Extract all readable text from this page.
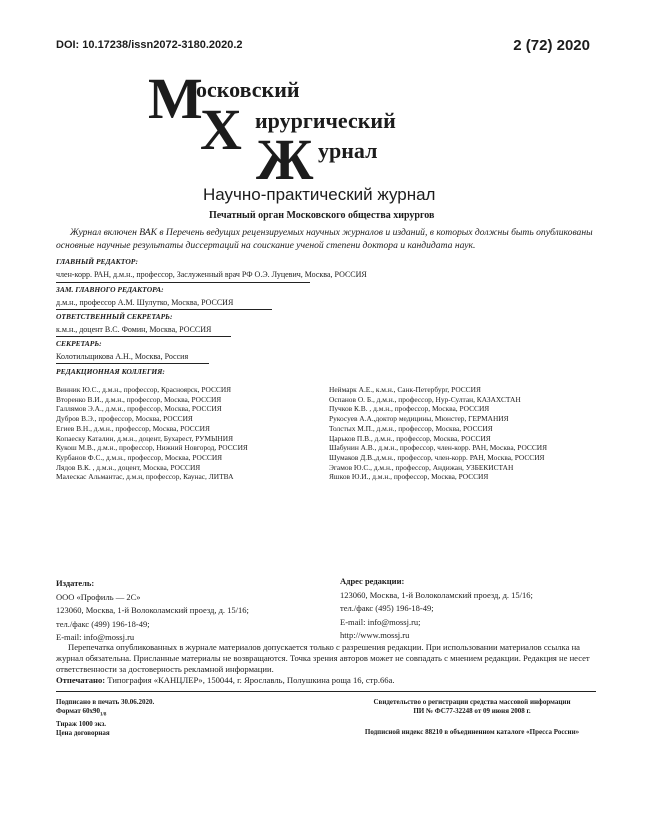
DOI: 10.17238/issn2072-3180.2020.2	2 (72) 2020
М
осковский
Х ирургический
Ж урнал
Научно-практический журнал
Печатный орган Московского общества хирургов
Журнал включен ВАК в Перечень ведущих рецензируемых научных журналов и изданий, в которых должны быть опубликованы основные научные результаты диссертаций на соискание ученой степени доктора и кандидата наук.
ГЛАВНЫЙ РЕДАКТОР:
член-корр. РАН, д.м.н., профессор, Заслуженный врач РФ О.Э. Луцевич, Москва, РОССИЯ
ЗАМ. ГЛАВНОГО РЕДАКТОРА:
д.м.н., профессор А.М. Шулутко, Москва, РОССИЯ
ОТВЕТСТВЕННЫЙ СЕКРЕТАРЬ:
к.м.н., доцент В.С. Фомин, Москва, РОССИЯ
СЕКРЕТАРЬ:
Колотильщикова А.Н., Москва, Россия
РЕДАКЦИОННАЯ КОЛЛЕГИЯ:
Винник Ю.С., д.м.н., профессор, Красноярск, РОССИЯ
Вторенко В.И., д.м.н., профессор, Москва, РОССИЯ
Галлямов Э.А., д.м.н., профессор, Москва, РОССИЯ
Дубров В.Э., профессор, Москва, РОССИЯ
Егиев В.Н., д.м.н., профессор, Москва, РОССИЯ
Копаеску Каталин, д.м.н., доцент, Бухарест, РУМЫНИЯ
Кукош М.В., д.м.н., профессор, Нижний Новгород, РОССИЯ
Курбанов Ф.С., д.м.н., профессор, Москва, РОССИЯ
Лядов В.К. , д.м.н., доцент, Москва, РОССИЯ
Малескас Альмантас, д.м.н, профессор, Каунас, ЛИТВА
Неймарк А.Е., к.м.н., Санк-Петербург, РОССИЯ
Оспанов О. Б., д.м.н., профессор, Нур-Султан, КАЗАХСТАН
Пучков К.В. , д.м.н., профессор, Москва, РОССИЯ
Рукосуев А.А.,доктор медицины, Мюнстер, ГЕРМАНИЯ
Толстых М.П., д.м.н., профессор, Москва, РОССИЯ
Царьков П.В., д.м.н., профессор, Москва, РОССИЯ
Шабунин А.В., д.м.н., профессор, член-корр. РАН, Москва, РОССИЯ
Шумаков Д.В.,д.м.н., профессор, член-корр. РАН, Москва, РОССИЯ
Эгамов Ю.С., д.м.н., профессор, Андижан, УЗБЕКИСТАН
Яшков Ю.И., д.м.н., профессор, Москва, РОССИЯ
Издатель:
ООО «Профиль — 2С»
123060, Москва, 1-й Волоколамский проезд, д. 15/16;
тел./факс (499) 196-18-49;
E-mail: info@mossj.ru
Адрес редакции:
123060, Москва, 1-й Волоколамский проезд, д. 15/16;
тел./факс (495) 196-18-49;
E-mail: info@mossj.ru;
http://www.mossj.ru
Перепечатка опубликованных в журнале материалов допускается только с разрешения редакции. При использовании материалов ссылка на журнал обязательна. Присланные материалы не возвращаются. Точка зрения авторов может не совпадать с мнением редакции. Редакция не несет ответственности за достоверность рекламной информации.
Отпечатано: Типография «КАНЦЛЕР», 150044, г. Ярославль, Полушкина роща 16, стр.66а.
Подписано в печать 30.06.2020.
Формат $60х90_{1/8}$
Тираж 1000 экз.
Цена договорная
Свидетельство о регистрации средства массовой информации
ПИ № ФС77-32248 от 09 июня 2008 г.
Подписной индекс 88210 в объединенном каталоге «Пресса России»
